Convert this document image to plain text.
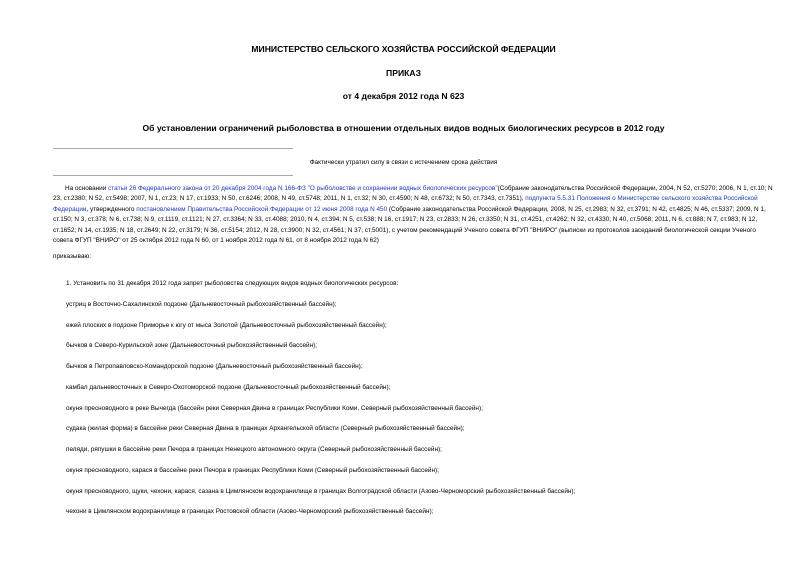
МИНИСТЕРСТВО СЕЛЬСКОГО ХОЗЯЙСТВА РОССИЙСКОЙ ФЕДЕРАЦИИ

ПРИКАЗ

от 4 декабря 2012 года N 623

Об установлении ограничений рыболовства в отношении отдельных видов водных биологических ресурсов в 2012 году

Фактически утратил силу в связи с истечением срока действия

На основании статьи 26 Федерального закона от 20 декабря 2004 года N 166-ФЗ "О рыболовстве и сохранении водных биологических ресурсов"(Собрание законодательства Российской Федерации, 2004, N 52, ст.5270; 2006, N 1, ст.10; N 23, ст.2380; N 52, ст.5498; 2007, N 1, ст.23; N 17, ст.1933; N 50, ст.6246; 2008, N 49, ст.5748; 2011, N 1, ст.32; N 30, ст.4590; N 48, ст.6732; N 50, ст.7343, ст.7351), подпункта 5.5.31 Положения о Министерстве сельского хозяйства Российской Федерации, утвержденного постановлением Правительства Российской Федерации от 12 июня 2008 года N 450 (Собрание законодательства Российской Федерации, 2008, N 25, ст.2983; N 32, ст.3791; N 42, ст.4825; N 46, ст.5337; 2009, N 1, ст.150; N 3, ст.378; N 6, ст.738; N 9, ст.1119, ст.1121; N 27, ст.3364; N 33, ст.4088; 2010, N 4, ст.394; N 5, ст.538; N 16, ст.1917; N 23, ст.2833; N 26, ст.3350; N 31, ст.4251, ст.4262; N 32, ст.4330; N 40, ст.5068; 2011, N 6, ст.888; N 7, ст.983; N 12, ст.1652; N 14, ст.1935; N 18, ст.2649; N 22, ст.3179; N 36, ст.5154; 2012, N 28, ст.3900; N 32, ст.4561; N 37, ст.5001), с учетом рекомендаций Ученого совета ФГУП "ВНИРО" (выписки из протоколов заседаний биологической секции Ученого совета ФГУП "ВНИРО" от 25 октября 2012 года N 60, от 1 ноября 2012 года N 61, от 8 ноября 2012 года N 62)

приказываю:

1. Установить по 31 декабря 2012 года запрет рыболовства следующих видов водных биологических ресурсов:
устриц в Восточно-Сахалинской подзоне (Дальневосточный рыбохозяйственный бассейн);
ежей плоских в подзоне Приморье к югу от мыса Золотой (Дальневосточный рыбохозяйственный бассейн);
бычков в Северо-Курильской зоне (Дальневосточный рыбохозяйственный бассейн);
бычков в Петропавловско-Командорской подзоне (Дальневосточный рыбохозяйственный бассейн);
камбал дальневосточных в Северо-Охотоморской подзоне (Дальневосточный рыбохозяйственный бассейн);
окуня пресноводного в реке Вычегда (бассейн реки Северная Двина в границах Республики Коми, Северный рыбохозяйственный бассейн);
судака (жилая форма) в бассейне реки Северная Двина в границах Архангельской области (Северный рыбохозяйственный бассейн);
пеляди, ряпушки в бассейне реки Печора в границах Ненецкого автономного округа (Северный рыбохозяйственный бассейн);
окуня пресноводного, карася в бассейне реки Печора в границах Республики Коми (Северный рыбохозяйственный бассейн);
окуня пресноводного, щуки, чехони, карася, сазана в Цимлянском водохранилище в границах Волгоградской области (Азово-Черноморский рыбохозяйственный бассейн);
чехони в Цимлянском водохранилище в границах Ростовской области (Азово-Черноморский рыбохозяйственный бассейн);
